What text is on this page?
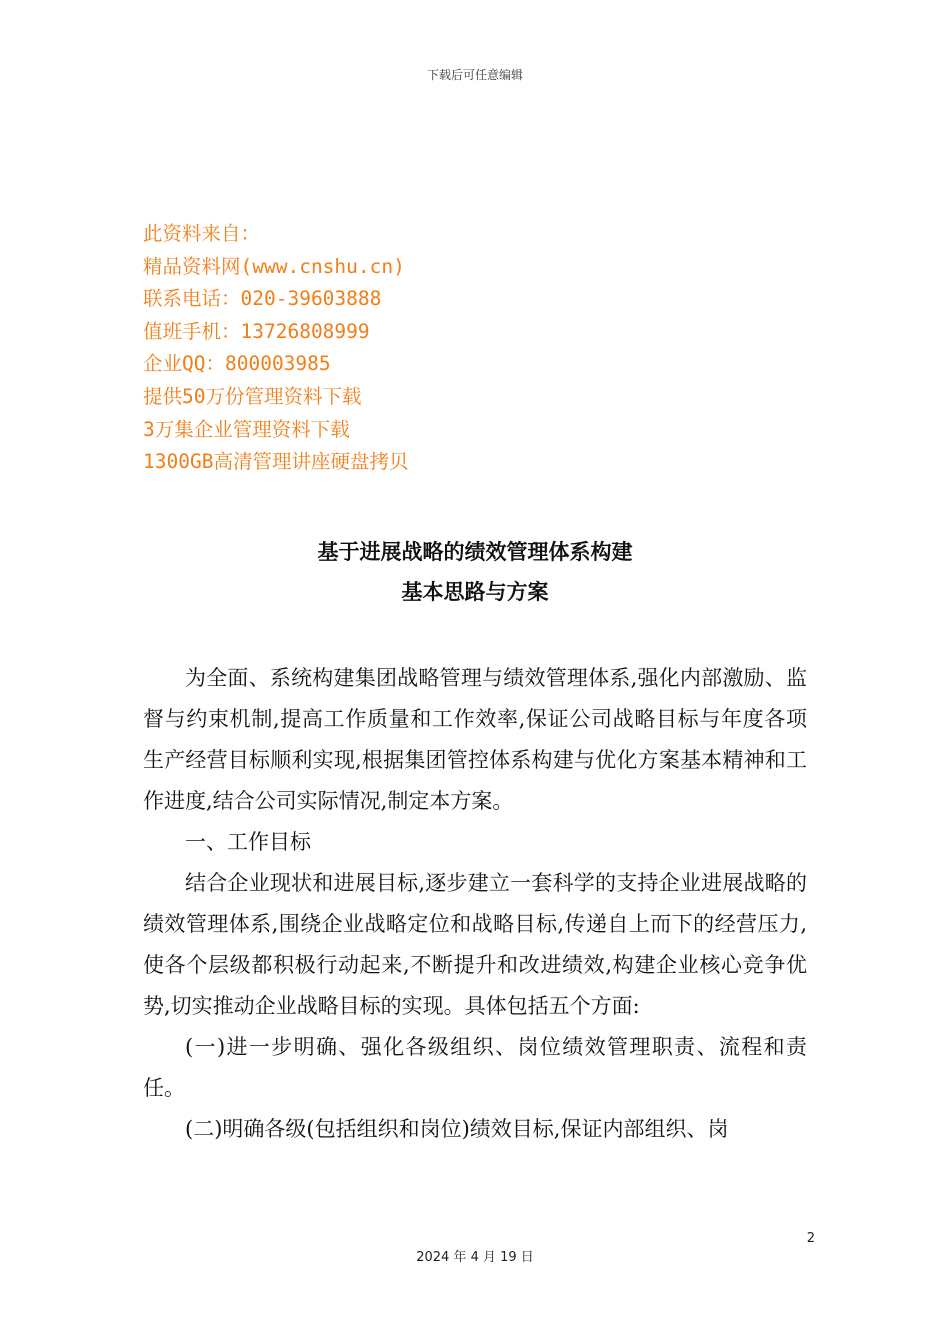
下载后可任意编辑
此资料来自：
精品资料网(www.cnshu.cn)
联系电话：020-39603888
值班手机：13726808999
企业QQ：800003985
提供50万份管理资料下载
3万集企业管理资料下载
1300GB高清管理讲座硬盘拷贝
基于进展战略的绩效管理体系构建
基本思路与方案

为全面、系统构建集团战略管理与绩效管理体系,强化内部激励、监督与约束机制,提高工作质量和工作效率,保证公司战略目标与年度各项生产经营目标顺利实现,根据集团管控体系构建与优化方案基本精神和工作进度,结合公司实际情况,制定本方案。

一、工作目标

结合企业现状和进展目标,逐步建立一套科学的支持企业进展战略的绩效管理体系,围绕企业战略定位和战略目标,传递自上而下的经营压力,使各个层级都积极行动起来,不断提升和改进绩效,构建企业核心竞争优势,切实推动企业战略目标的实现。具体包括五个方面:

(一)进一步明确、强化各级组织、岗位绩效管理职责、流程和责任。

(二)明确各级(包括组织和岗位)绩效目标,保证内部组织、岗

2
2024 年 4 月 19 日
